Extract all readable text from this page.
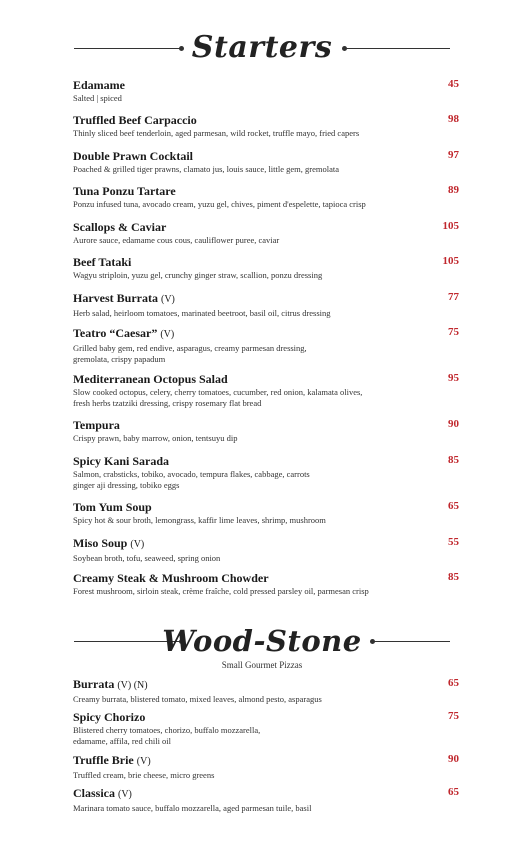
Starters
Edamame
Salted | spiced
45
Truffled Beef Carpaccio
Thinly sliced beef tenderloin, aged parmesan, wild rocket, truffle mayo, fried capers
98
Double Prawn Cocktail
Poached & grilled tiger prawns, clamato jus, louis sauce, little gem, gremolata
97
Tuna Ponzu Tartare
Ponzu infused tuna, avocado cream, yuzu gel, chives, piment d'espelette, tapioca crisp
89
Scallops & Caviar
Aurore sauce, edamame cous cous, cauliflower puree, caviar
105
Beef Tataki
Wagyu striploin, yuzu gel, crunchy ginger straw, scallion, ponzu dressing
105
Harvest Burrata (V)
Herb salad, heirloom tomatoes, marinated beetroot, basil oil, citrus dressing
77
Teatro “Caesar” (V)
Grilled baby gem, red endive, asparagus, creamy parmesan dressing,
gremolata, crispy papadum
75
Mediterranean Octopus Salad
Slow cooked octopus, celery, cherry tomatoes, cucumber, red onion, kalamata olives,
fresh herbs tzatziki dressing, crispy rosemary flat bread
95
Tempura
Crispy prawn, baby marrow, onion, tentsuyu dip
90
Spicy Kani Sarada
Salmon, crabsticks, tobiko, avocado, tempura flakes, cabbage, carrots
ginger aji dressing, tobiko eggs
85
Tom Yum Soup
Spicy hot & sour broth, lemongrass, kaffir lime leaves, shrimp, mushroom
65
Miso Soup (V)
Soybean broth, tofu, seaweed, spring onion
55
Creamy Steak & Mushroom Chowder
Forest mushroom, sirloin steak, crème fraîche, cold pressed parsley oil, parmesan crisp
85
Wood-Stone
Small Gourmet Pizzas
Burrata (V) (N)
Creamy burrata, blistered tomato, mixed leaves, almond pesto, asparagus
65
Spicy Chorizo
Blistered cherry tomatoes, chorizo, buffalo mozzarella,
edamame, affila, red chili oil
75
Truffle Brie (V)
Truffled cream, brie cheese, micro greens
90
Classica (V)
Marinara tomato sauce, buffalo mozzarella, aged parmesan tuile, basil
65
